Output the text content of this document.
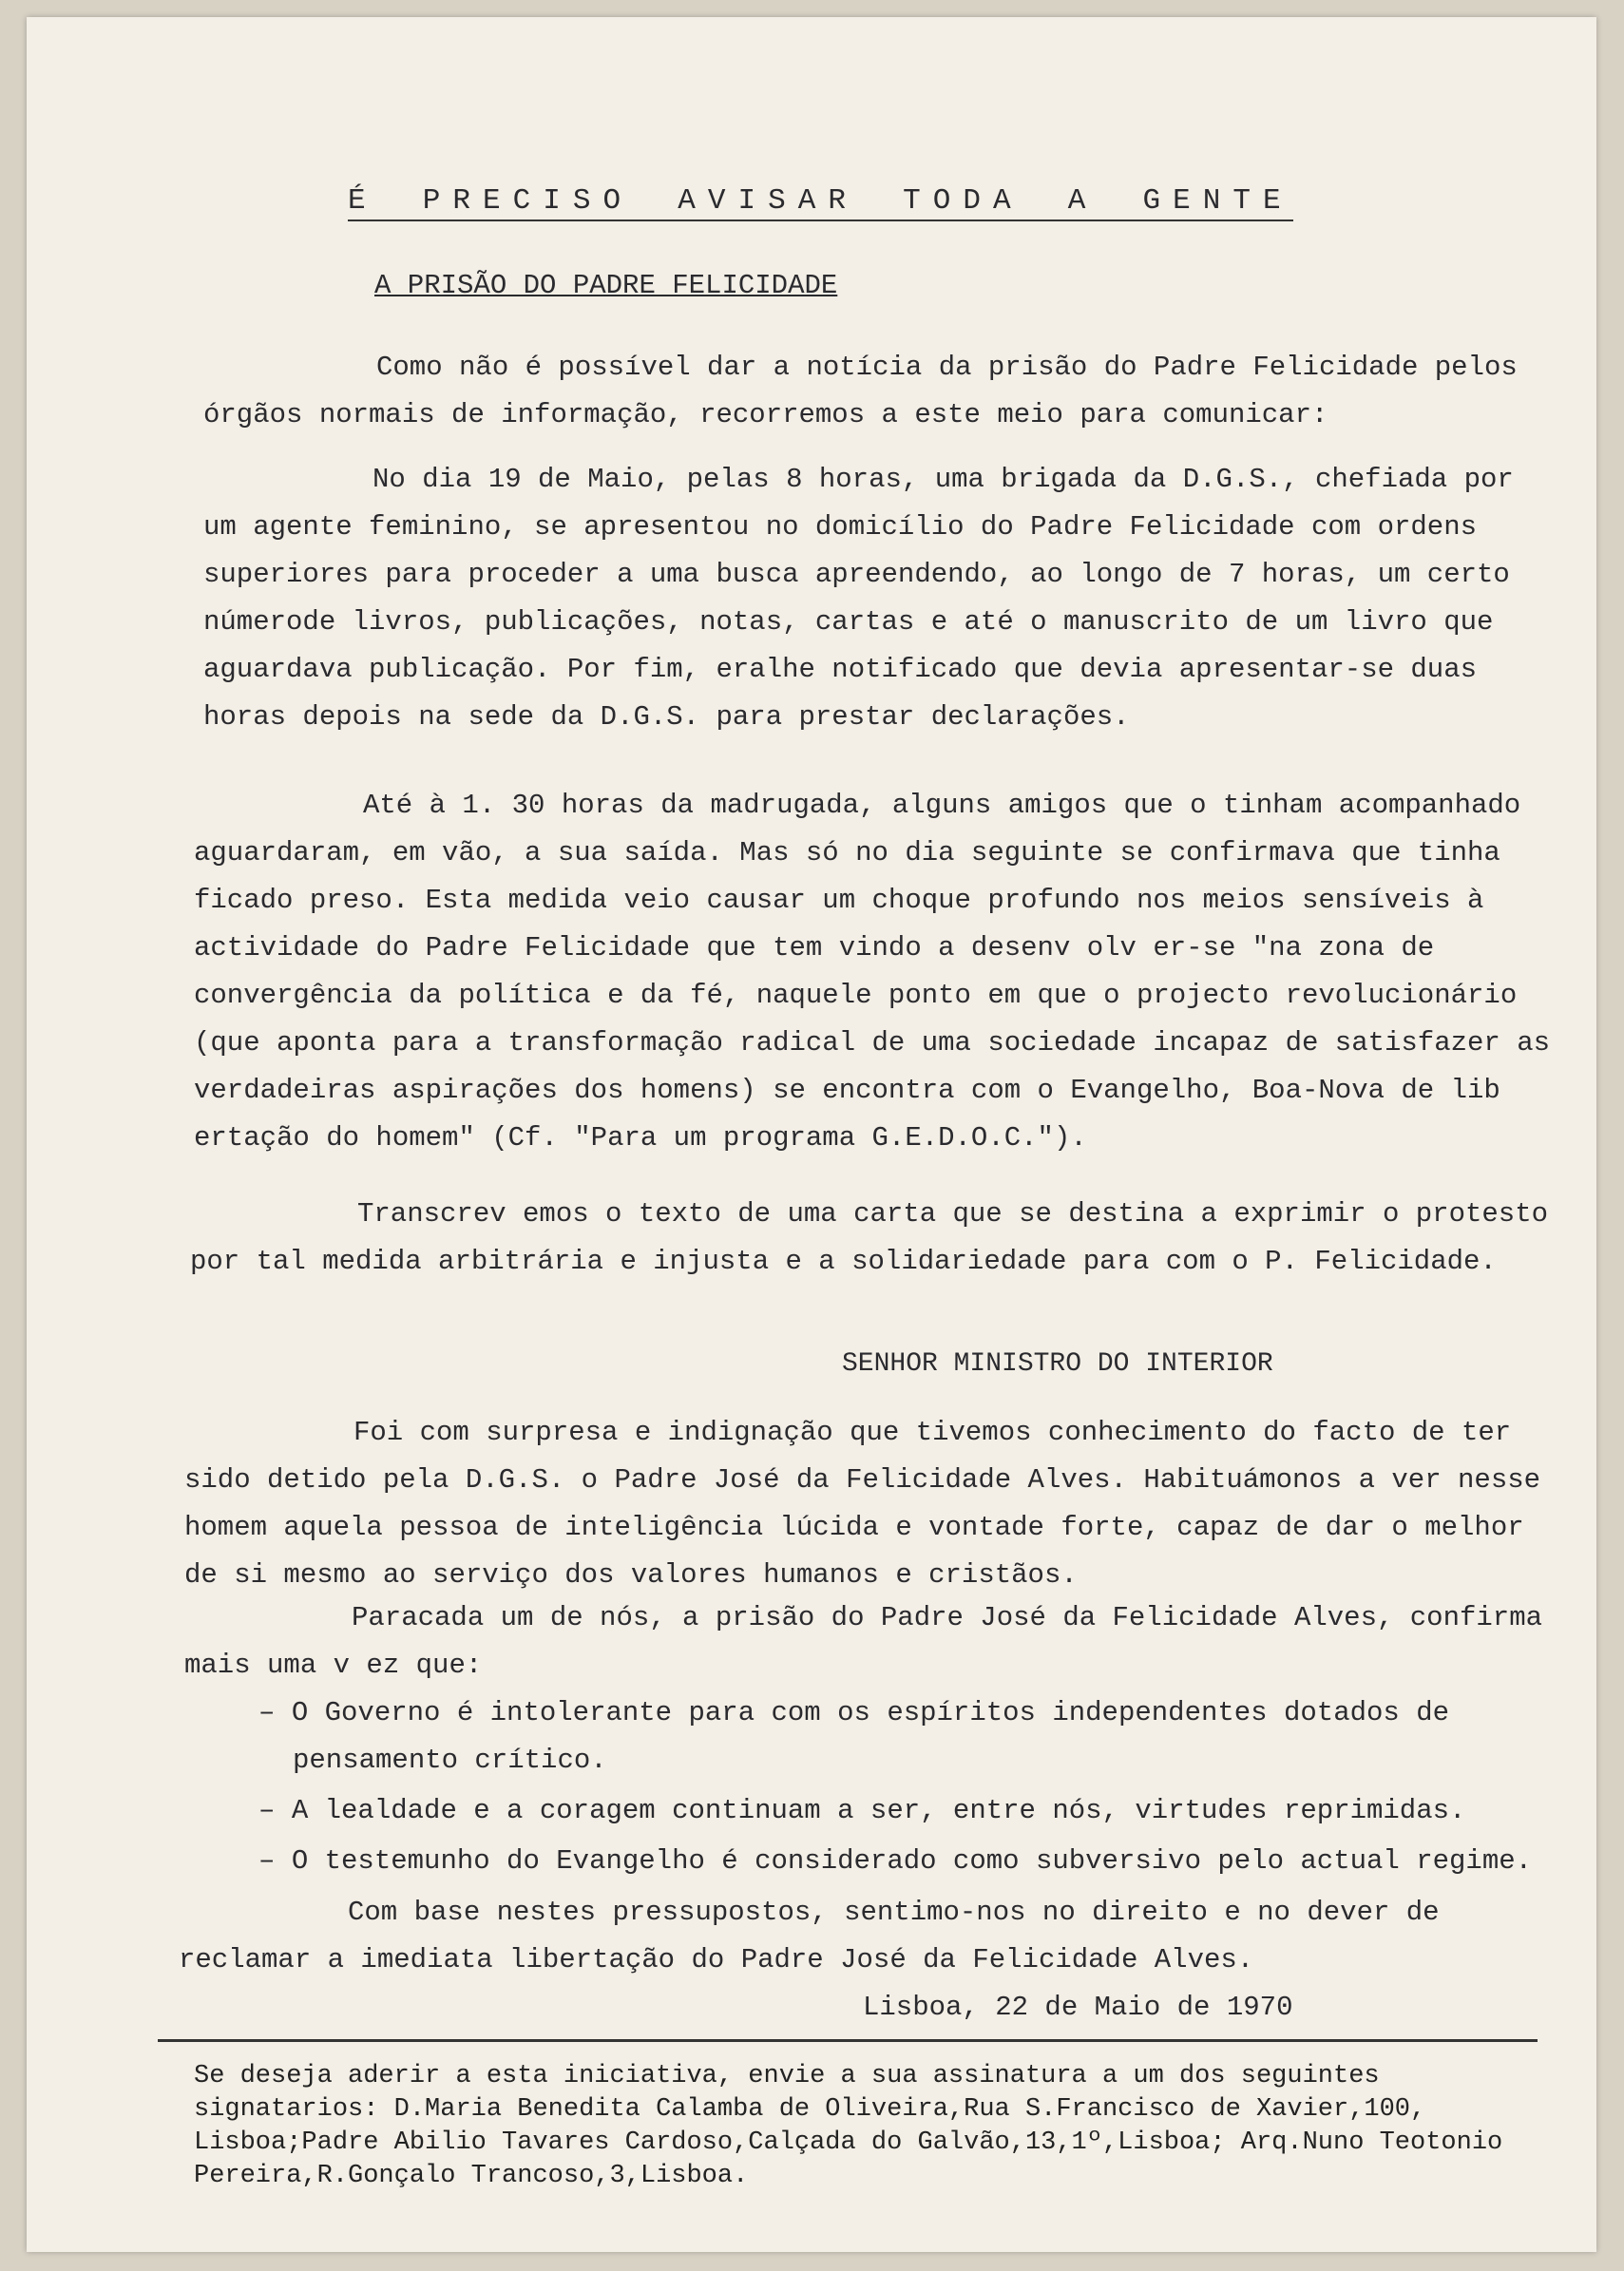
É PRECISO AVISAR TODA A GENTE
A PRISÃO DO PADRE FELICIDADE

Como não é possível dar a notícia da prisão do Padre Felicidade pelos órgãos normais de informação, recorremos a este meio para comunicar:

No dia 19 de Maio, pelas 8 horas, uma brigada da D.G.S., chefiada por um agente feminino, se apresentou no domicílio do Padre Felicidade com ordens superiores para proceder a uma busca apreendendo, ao longo de 7 horas, um certo númerode livros, publicações, notas, cartas e até o manuscrito de um livro que aguardava publicação. Por fim, eralhe notificado que devia apresentar-se duas horas depois na sede da D.G.S. para prestar declarações.

Até à 1. 30 horas da madrugada, alguns amigos que o tinham acompanhado aguardaram, em vão, a sua saída. Mas só no dia seguinte se confirmava que tinha ficado preso. Esta medida veio causar um choque profundo nos meios sensíveis à actividade do Padre Felicidade que tem vindo a desenv olv er-se "na zona de convergência da política e da fé, naquele ponto em que o projecto revolucionário (que aponta para a transformação radical de uma sociedade incapaz de satisfazer as verdadeiras aspirações dos homens) se encontra com o Evangelho, Boa-Nova de lib ertação do homem" (Cf. "Para um programa G.E.D.O.C.").

Transcrev emos o texto de uma carta que se destina a exprimir o protesto por tal medida arbitrária e injusta e a solidariedade para com o P. Felicidade.

SENHOR MINISTRO DO INTERIOR

Foi com surpresa e indignação que tivemos conhecimento do facto de ter sido detido pela D.G.S. o Padre José da Felicidade Alves. Habituámonos a ver nesse homem aquela pessoa de inteligência lúcida e vontade forte, capaz de dar o melhor de si mesmo ao serviço dos valores humanos e cristãos.

Paracada um de nós, a prisão do Padre José da Felicidade Alves, confirma mais uma v ez que:

– O Governo é intolerante para com os espíritos independentes dotados de pensamento crítico.
– A lealdade e a coragem continuam a ser, entre nós, virtudes reprimidas.
– O testemunho do Evangelho é considerado como subversivo pelo actual regime.

Com base nestes pressupostos, sentimo-nos no direito e no dever de reclamar a imediata libertação do Padre José da Felicidade Alves.

Lisboa, 22 de Maio de 1970

Se deseja aderir a esta iniciativa, envie a sua assinatura a um dos seguintes signatarios: D.Maria Benedita Calamba de Oliveira,Rua S.Francisco de Xavier,100, Lisboa;Padre Abilio Tavares Cardoso,Calçada do Galvão,13,1º,Lisboa; Arq.Nuno Teotonio Pereira,R.Gonçalo Trancoso,3,Lisboa.
